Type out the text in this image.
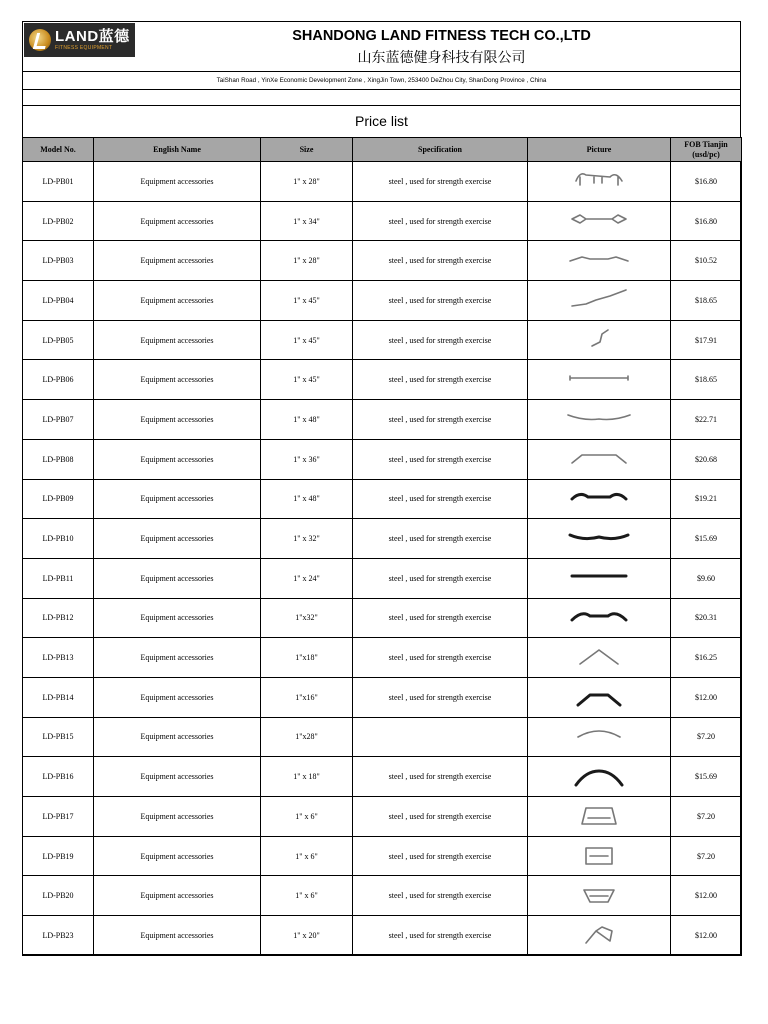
LAND蓝德
FITNESS EQUIPMENT
SHANDONG LAND FITNESS TECH CO.,LTD
山东蓝德健身科技有限公司
TaiShan Road , YinXe Economic Development Zone , XingJin Town, 253400 DeZhou City, ShanDong Province , China
Price list
Model No.	English Name	Size	Specification	Picture	FOB Tianjin (usd/pc)
LD-PB01	Equipment accessories	1" x 28"	steel , used for strength exercise		$16.80
LD-PB02	Equipment accessories	1" x 34"	steel , used for strength exercise		$16.80
LD-PB03	Equipment accessories	1" x 28"	steel , used for strength exercise		$10.52
LD-PB04	Equipment accessories	1" x 45"	steel , used for strength exercise		$18.65
LD-PB05	Equipment accessories	1" x 45"	steel , used for strength exercise		$17.91
LD-PB06	Equipment accessories	1" x 45"	steel , used for strength exercise		$18.65
LD-PB07	Equipment accessories	1" x 48"	steel , used for strength exercise		$22.71
LD-PB08	Equipment accessories	1" x 36"	steel , used for strength exercise		$20.68
LD-PB09	Equipment accessories	1" x 48"	steel , used for strength exercise		$19.21
LD-PB10	Equipment accessories	1" x 32"	steel , used for strength exercise		$15.69
LD-PB11	Equipment accessories	1" x 24"	steel , used for strength exercise		$9.60
LD-PB12	Equipment accessories	1"x32"	steel , used for strength exercise		$20.31
LD-PB13	Equipment accessories	1"x18"	steel , used for strength exercise		$16.25
LD-PB14	Equipment accessories	1"x16"	steel , used for strength exercise		$12.00
LD-PB15	Equipment accessories	1"x28"			$7.20
LD-PB16	Equipment accessories	1" x 18"	steel , used for strength exercise		$15.69
LD-PB17	Equipment accessories	1" x 6"	steel , used for strength exercise		$7.20
LD-PB19	Equipment accessories	1" x 6"	steel , used for strength exercise		$7.20
LD-PB20	Equipment accessories	1" x 6"	steel , used for strength exercise		$12.00
LD-PB23	Equipment accessories	1" x 20"	steel , used for strength exercise		$12.00
